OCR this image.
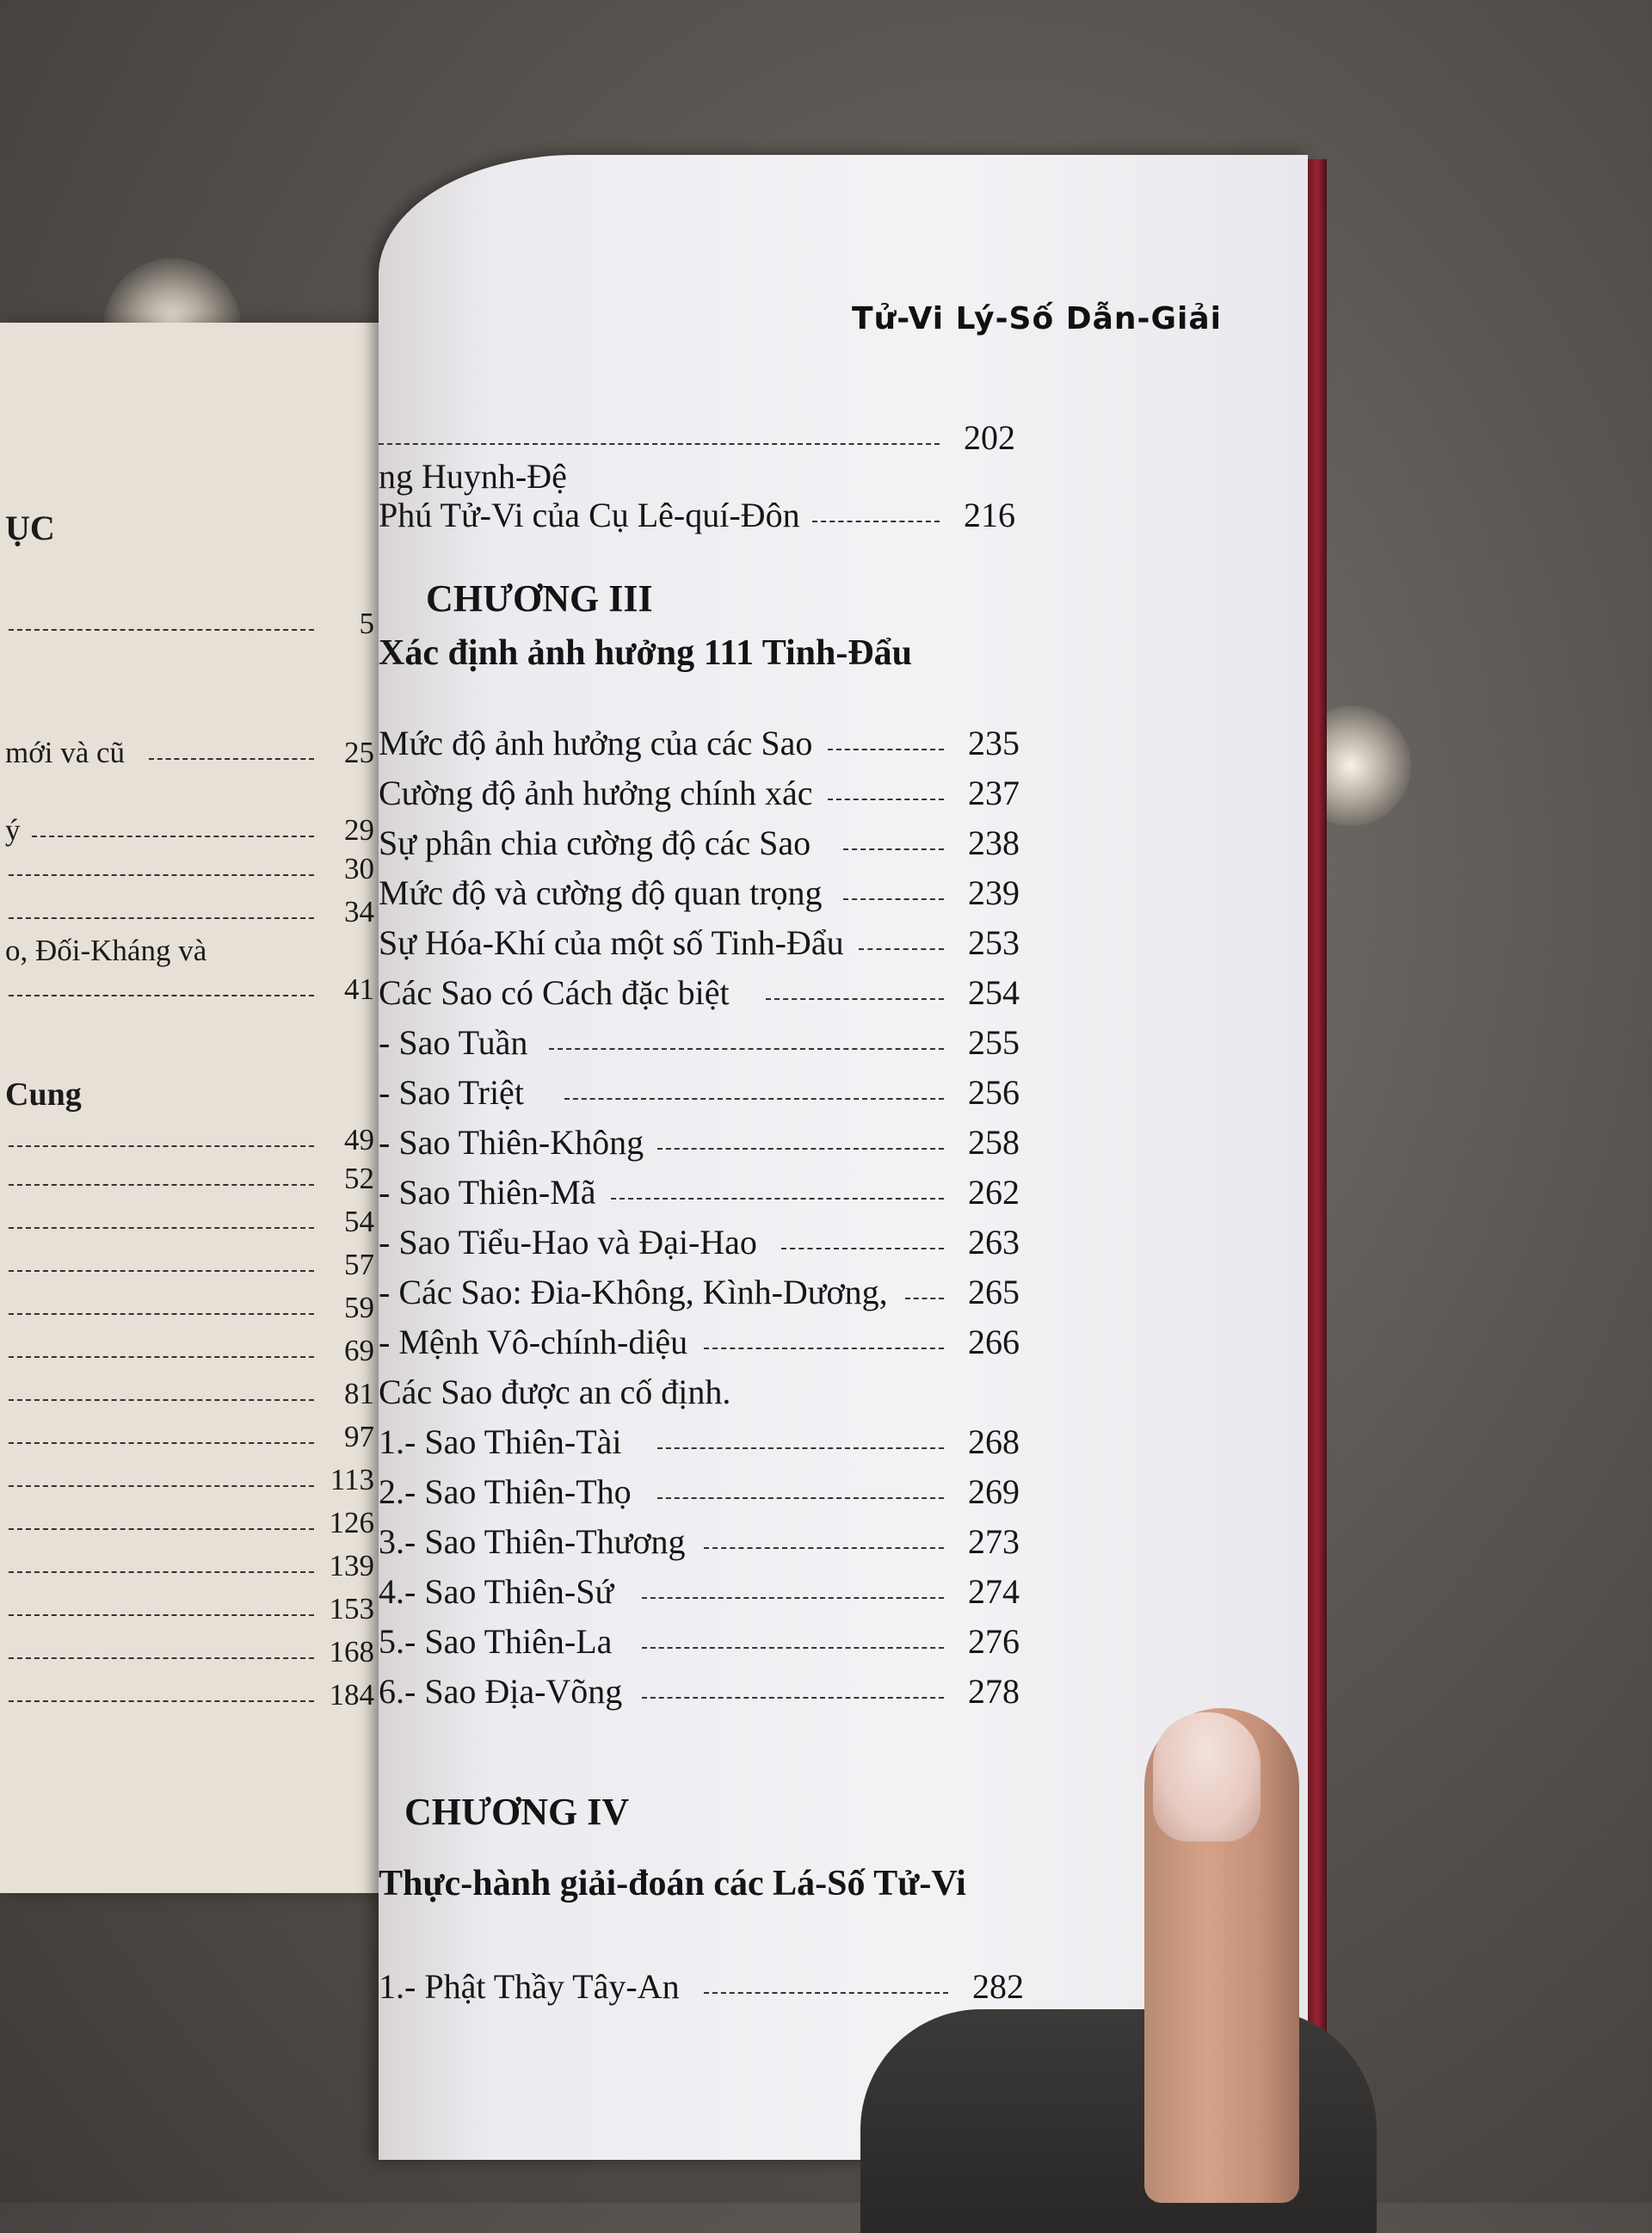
ỤC
5
mới và cũ	25
ý	29
30
34
o, Đối-Kháng và
41
Cung
49
52
54
57
59
69
81
97
113
126
139
153
168
184
Tử-Vi Lý-Số Dẫn-Giải
202
ng Huynh-Đệ
Phú Tử-Vi của Cụ Lê-quí-Đôn	216
CHƯƠNG III
Xác định ảnh hưởng 111 Tinh-Đẩu
Mức độ ảnh hưởng của các Sao	235
Cường độ ảnh hưởng chính xác	237
Sự phân chia cường độ các Sao	238
Mức độ và cường độ quan trọng	239
Sự Hóa-Khí của một số Tinh-Đẩu	253
Các Sao có Cách đặc biệt	254
- Sao Tuần	255
- Sao Triệt	256
- Sao Thiên-Không	258
- Sao Thiên-Mã	262
- Sao Tiểu-Hao và Đại-Hao	263
- Các Sao: Đia-Không, Kình-Dương, 265
- Mệnh Vô-chính-diệu	266
Các Sao được an cố định.
1.- Sao Thiên-Tài	268
2.- Sao Thiên-Thọ	269
3.- Sao Thiên-Thương	273
4.- Sao Thiên-Sứ	274
5.- Sao Thiên-La	276
6.- Sao Địa-Võng	278
CHƯƠNG IV
Thực-hành giải-đoán các Lá-Số Tử-Vi
1.- Phật Thầy Tây-An	282
